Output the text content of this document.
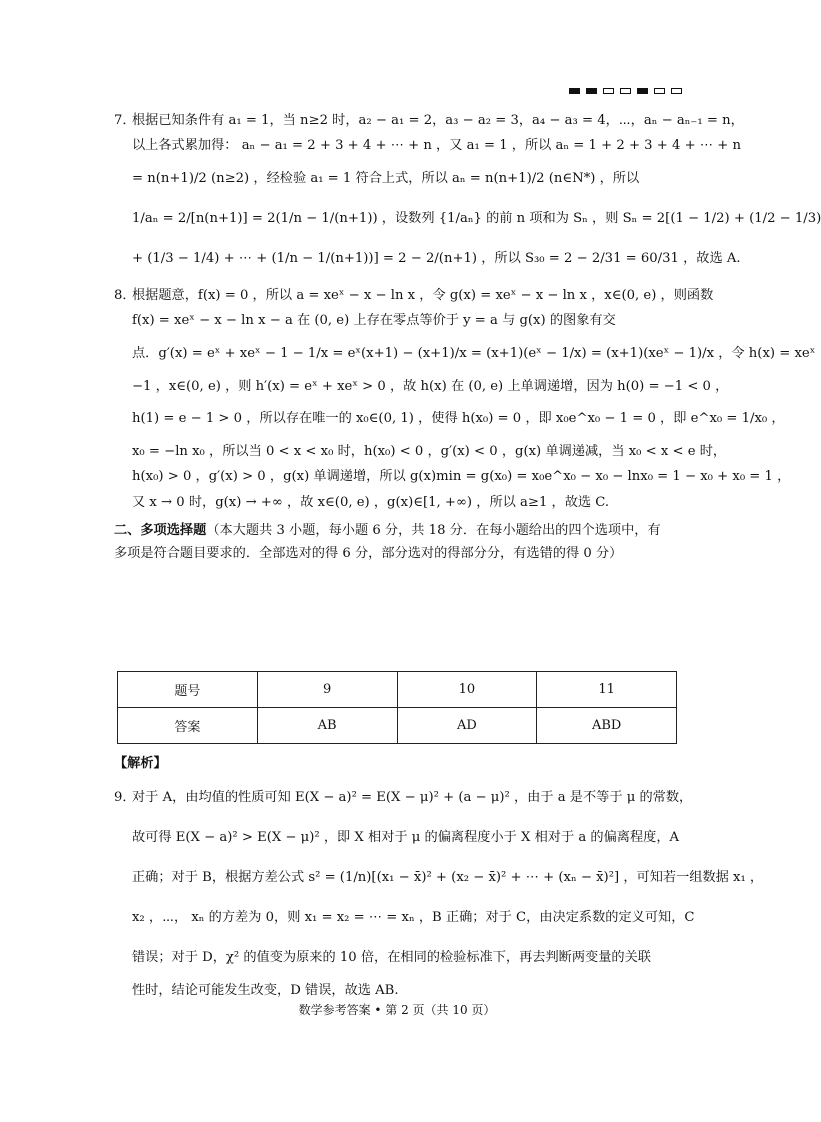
7．根据已知条件有 a₁ = 1，当 n≥2 时，a₂ − a₁ = 2，a₃ − a₂ = 3，a₄ − a₃ = 4，⋯，aₙ − aₙ₋₁ = n，
以上各式累加得： aₙ − a₁ = 2 + 3 + 4 + ⋯ + n ，又 a₁ = 1 ，所以 aₙ = 1 + 2 + 3 + 4 + ⋯ + n
= n(n+1)/2 (n≥2) ，经检验 a₁ = 1 符合上式，所以 aₙ = n(n+1)/2 (n∈N*) ，所以
1/aₙ = 2/[n(n+1)] = 2(1/n − 1/(n+1)) ，设数列 {1/aₙ} 的前 n 项和为 Sₙ ，则 Sₙ = 2[(1 − 1/2) + (1/2 − 1/3)
+ (1/3 − 1/4) + ⋯ + (1/n − 1/(n+1))] = 2 − 2/(n+1) ，所以 S₃₀ = 2 − 2/31 = 60/31 ，故选 A.
8．根据题意，f(x) = 0 ，所以 a = xeˣ − x − ln x ，令 g(x) = xeˣ − x − ln x ，x∈(0, e) ，则函数
f(x) = xeˣ − x − ln x − a 在 (0, e) 上存在零点等价于 y = a 与 g(x) 的图象有交
点．g′(x) = eˣ + xeˣ − 1 − 1/x = eˣ(x+1) − (x+1)/x = (x+1)(eˣ − 1/x) = (x+1)(xeˣ − 1)/x ，令 h(x) = xeˣ
−1 ，x∈(0, e) ，则 h′(x) = eˣ + xeˣ > 0 ，故 h(x) 在 (0, e) 上单调递增，因为 h(0) = −1 < 0 ，
h(1) = e − 1 > 0 ，所以存在唯一的 x₀∈(0, 1) ，使得 h(x₀) = 0 ，即 x₀e^x₀ − 1 = 0 ，即 e^x₀ = 1/x₀ ，
x₀ = −ln x₀ ，所以当 0 < x < x₀ 时，h(x₀) < 0 ，g′(x) < 0 ，g(x) 单调递减，当 x₀ < x < e 时，
h(x₀) > 0 ，g′(x) > 0 ，g(x) 单调递增，所以 g(x)min = g(x₀) = x₀e^x₀ − x₀ − lnx₀ = 1 − x₀ + x₀ = 1 ，
又 x → 0 时，g(x) → +∞ ，故 x∈(0, e) ，g(x)∈[1, +∞) ，所以 a≥1 ，故选 C.
二、多项选择题（本大题共 3 小题，每小题 6 分，共 18 分．在每小题给出的四个选项中，有
多项是符合题目要求的．全部选对的得 6 分，部分选对的得部分分，有选错的得 0 分）
题号	9	10	11
答案	AB	AD	ABD
【解析】
9．对于 A，由均值的性质可知 E(X − a)² = E(X − μ)² + (a − μ)² ，由于 a 是不等于 μ 的常数，
故可得 E(X − a)² > E(X − μ)² ，即 X 相对于 μ 的偏离程度小于 X 相对于 a 的偏离程度，A
正确；对于 B，根据方差公式 s² = (1/n)[(x₁ − x̄)² + (x₂ − x̄)² + ⋯ + (xₙ − x̄)²] ，可知若一组数据 x₁ ，
x₂ ，⋯， xₙ 的方差为 0，则 x₁ = x₂ = ⋯ = xₙ ，B 正确；对于 C，由决定系数的定义可知，C
错误；对于 D，χ² 的值变为原来的 10 倍，在相同的检验标准下，再去判断两变量的关联
性时，结论可能发生改变，D 错误，故选 AB.
数学参考答案 • 第 2 页（共 10 页）
